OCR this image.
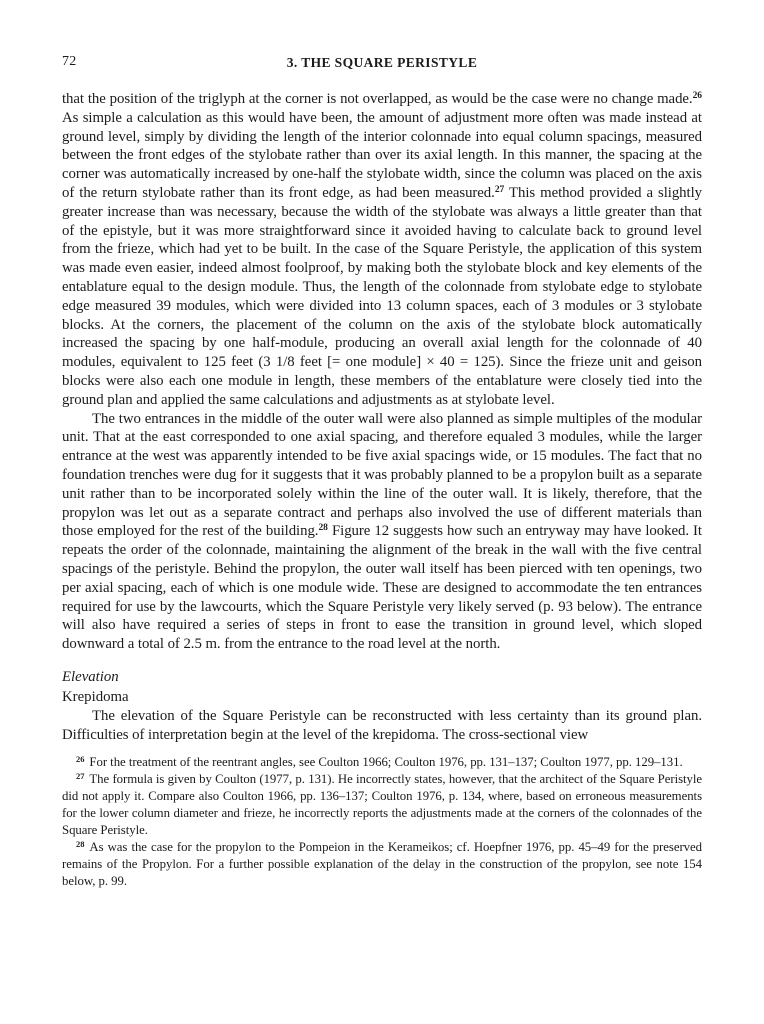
72	3. THE SQUARE PERISTYLE

that the position of the triglyph at the corner is not overlapped, as would be the case were no change made.$^{26}$ As simple a calculation as this would have been, the amount of adjustment more often was made instead at ground level, simply by dividing the length of the interior colonnade into equal column spacings, measured between the front edges of the stylobate rather than over its axial length. In this manner, the spacing at the corner was automatically increased by one-half the stylobate width, since the column was placed on the axis of the return stylobate rather than its front edge, as had been measured.$^{27}$ This method provided a slightly greater increase than was necessary, because the width of the stylobate was always a little greater than that of the epistyle, but it was more straightforward since it avoided having to calculate back to ground level from the frieze, which had yet to be built. In the case of the Square Peristyle, the application of this system was made even easier, indeed almost foolproof, by making both the stylobate block and key elements of the entablature equal to the design module. Thus, the length of the colonnade from stylobate edge to stylobate edge measured 39 modules, which were divided into 13 column spaces, each of 3 modules or 3 stylobate blocks. At the corners, the placement of the column on the axis of the stylobate block automatically increased the spacing by one half-module, producing an overall axial length for the colonnade of 40 modules, equivalent to 125 feet (3 1/8 feet [= one module] × 40 = 125). Since the frieze unit and geison blocks were also each one module in length, these members of the entablature were closely tied into the ground plan and applied the same calculations and adjustments as at stylobate level.

The two entrances in the middle of the outer wall were also planned as simple multiples of the modular unit. That at the east corresponded to one axial spacing, and therefore equaled 3 modules, while the larger entrance at the west was apparently intended to be five axial spacings wide, or 15 modules. The fact that no foundation trenches were dug for it suggests that it was probably planned to be a propylon built as a separate unit rather than to be incorporated solely within the line of the outer wall. It is likely, therefore, that the propylon was let out as a separate contract and perhaps also involved the use of different materials than those employed for the rest of the building.$^{28}$ Figure 12 suggests how such an entryway may have looked. It repeats the order of the colonnade, maintaining the alignment of the break in the wall with the five central spacings of the peristyle. Behind the propylon, the outer wall itself has been pierced with ten openings, two per axial spacing, each of which is one module wide. These are designed to accommodate the ten entrances required for use by the lawcourts, which the Square Peristyle very likely served (p. 93 below). The entrance will also have required a series of steps in front to ease the transition in ground level, which sloped downward a total of 2.5 m. from the entrance to the road level at the north.

Elevation
Krepidoma

The elevation of the Square Peristyle can be reconstructed with less certainty than its ground plan. Difficulties of interpretation begin at the level of the krepidoma. The cross-sectional view

$^{26}$ For the treatment of the reentrant angles, see Coulton 1966; Coulton 1976, pp. 131–137; Coulton 1977, pp. 129–131.

$^{27}$ The formula is given by Coulton (1977, p. 131). He incorrectly states, however, that the architect of the Square Peristyle did not apply it. Compare also Coulton 1966, pp. 136–137; Coulton 1976, p. 134, where, based on erroneous measurements for the lower column diameter and frieze, he incorrectly reports the adjustments made at the corners of the colonnades of the Square Peristyle.

$^{28}$ As was the case for the propylon to the Pompeion in the Kerameikos; cf. Hoepfner 1976, pp. 45–49 for the preserved remains of the Propylon. For a further possible explanation of the delay in the construction of the propylon, see note 154 below, p. 99.
